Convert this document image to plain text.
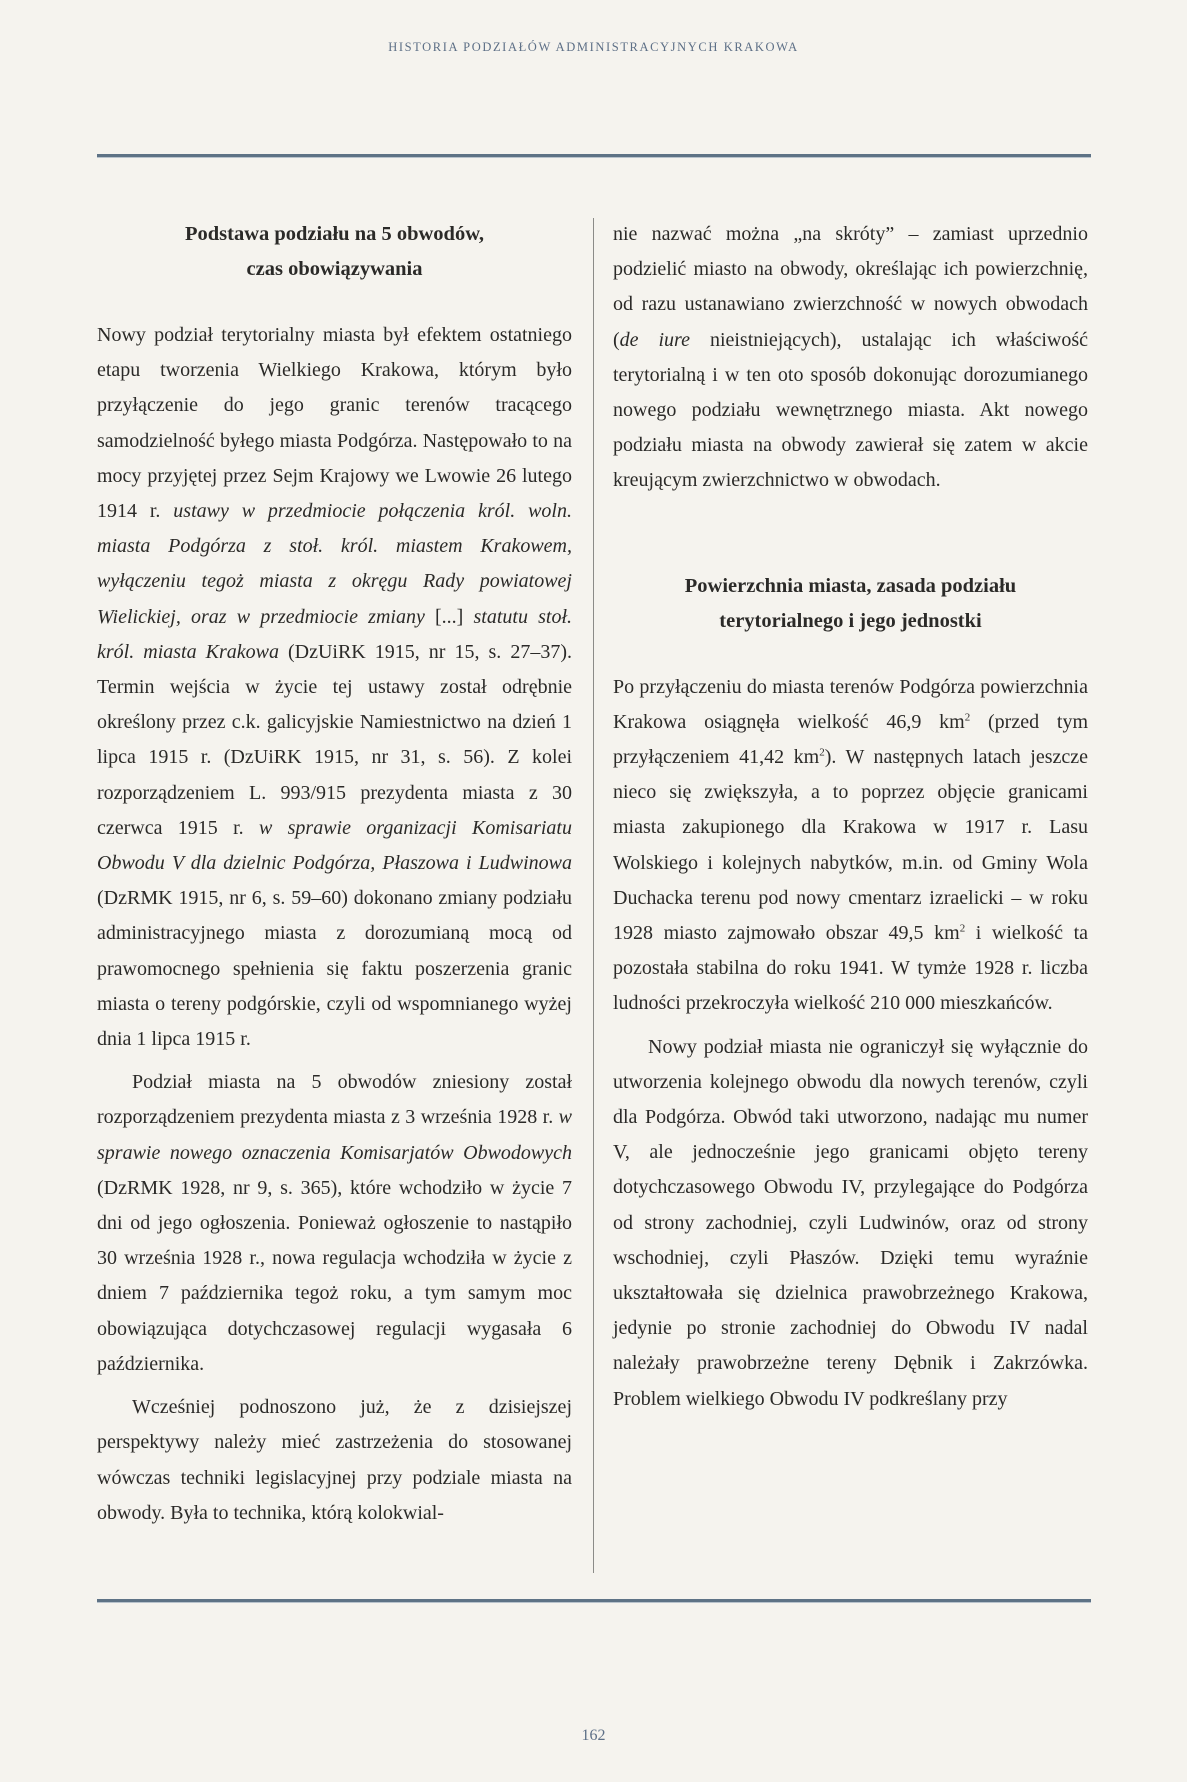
HISTORIA PODZIAŁÓW ADMINISTRACYJNYCH KRAKOWA

Podstawa podziału na 5 obwodów,
czas obowiązywania

Nowy podział terytorialny miasta był efektem ostatniego etapu tworzenia Wielkiego Krakowa, którym było przyłączenie do jego granic terenów tracącego samodzielność byłego miasta Podgórza. Następowało to na mocy przyjętej przez Sejm Krajowy we Lwowie 26 lutego 1914 r. ustawy w przedmiocie połączenia król. woln. miasta Podgórza z stoł. król. miastem Krakowem, wyłączeniu tegoż miasta z okręgu Rady powiatowej Wielickiej, oraz w przedmiocie zmiany [...] statutu stoł. król. miasta Krakowa (DzUiRK 1915, nr 15, s. 27–37). Termin wejścia w życie tej ustawy został odrębnie określony przez c.k. galicyjskie Namiestnictwo na dzień 1 lipca 1915 r. (DzUiRK 1915, nr 31, s. 56). Z kolei rozporządzeniem L. 993/915 prezydenta miasta z 30 czerwca 1915 r. w sprawie organizacji Komisariatu Obwodu V dla dzielnic Podgórza, Płaszowa i Ludwinowa (DzRMK 1915, nr 6, s. 59–60) dokonano zmiany podziału administracyjnego miasta z dorozumianą mocą od prawomocnego spełnienia się faktu poszerzenia granic miasta o tereny podgórskie, czyli od wspomnianego wyżej dnia 1 lipca 1915 r.

Podział miasta na 5 obwodów zniesiony został rozporządzeniem prezydenta miasta z 3 września 1928 r. w sprawie nowego oznaczenia Komisarjatów Obwodowych (DzRMK 1928, nr 9, s. 365), które wchodziło w życie 7 dni od jego ogłoszenia. Ponieważ ogłoszenie to nastąpiło 30 września 1928 r., nowa regulacja wchodziła w życie z dniem 7 października tegoż roku, a tym samym moc obowiązująca dotychczasowej regulacji wygasała 6 października.

Wcześniej podnoszono już, że z dzisiejszej perspektywy należy mieć zastrzeżenia do stosowanej wówczas techniki legislacyjnej przy podziale miasta na obwody. Była to technika, którą kolokwial-

nie nazwać można „na skróty” – zamiast uprzednio podzielić miasto na obwody, określając ich powierzchnię, od razu ustanawiano zwierzchność w nowych obwodach (de iure nieistniejących), ustalając ich właściwość terytorialną i w ten oto sposób dokonując dorozumianego nowego podziału wewnętrznego miasta. Akt nowego podziału miasta na obwody zawierał się zatem w akcie kreującym zwierzchnictwo w obwodach.

Powierzchnia miasta, zasada podziału
terytorialnego i jego jednostki

Po przyłączeniu do miasta terenów Podgórza powierzchnia Krakowa osiągnęła wielkość 46,9 $km^2$ (przed tym przyłączeniem 41,42 $km^2$). W następnych latach jeszcze nieco się zwiększyła, a to poprzez objęcie granicami miasta zakupionego dla Krakowa w 1917 r. Lasu Wolskiego i kolejnych nabytków, m.in. od Gminy Wola Duchacka terenu pod nowy cmentarz izraelicki – w roku 1928 miasto zajmowało obszar 49,5 $km^2$ i wielkość ta pozostała stabilna do roku 1941. W tymże 1928 r. liczba ludności przekroczyła wielkość 210 000 mieszkańców.

Nowy podział miasta nie ograniczył się wyłącznie do utworzenia kolejnego obwodu dla nowych terenów, czyli dla Podgórza. Obwód taki utworzono, nadając mu numer V, ale jednocześnie jego granicami objęto tereny dotychczasowego Obwodu IV, przylegające do Podgórza od strony zachodniej, czyli Ludwinów, oraz od strony wschodniej, czyli Płaszów. Dzięki temu wyraźnie ukształtowała się dzielnica prawobrzeżnego Krakowa, jedynie po stronie zachodniej do Obwodu IV nadal należały prawobrzeżne tereny Dębnik i Zakrzówka. Problem wielkiego Obwodu IV podkreślany przy

162
